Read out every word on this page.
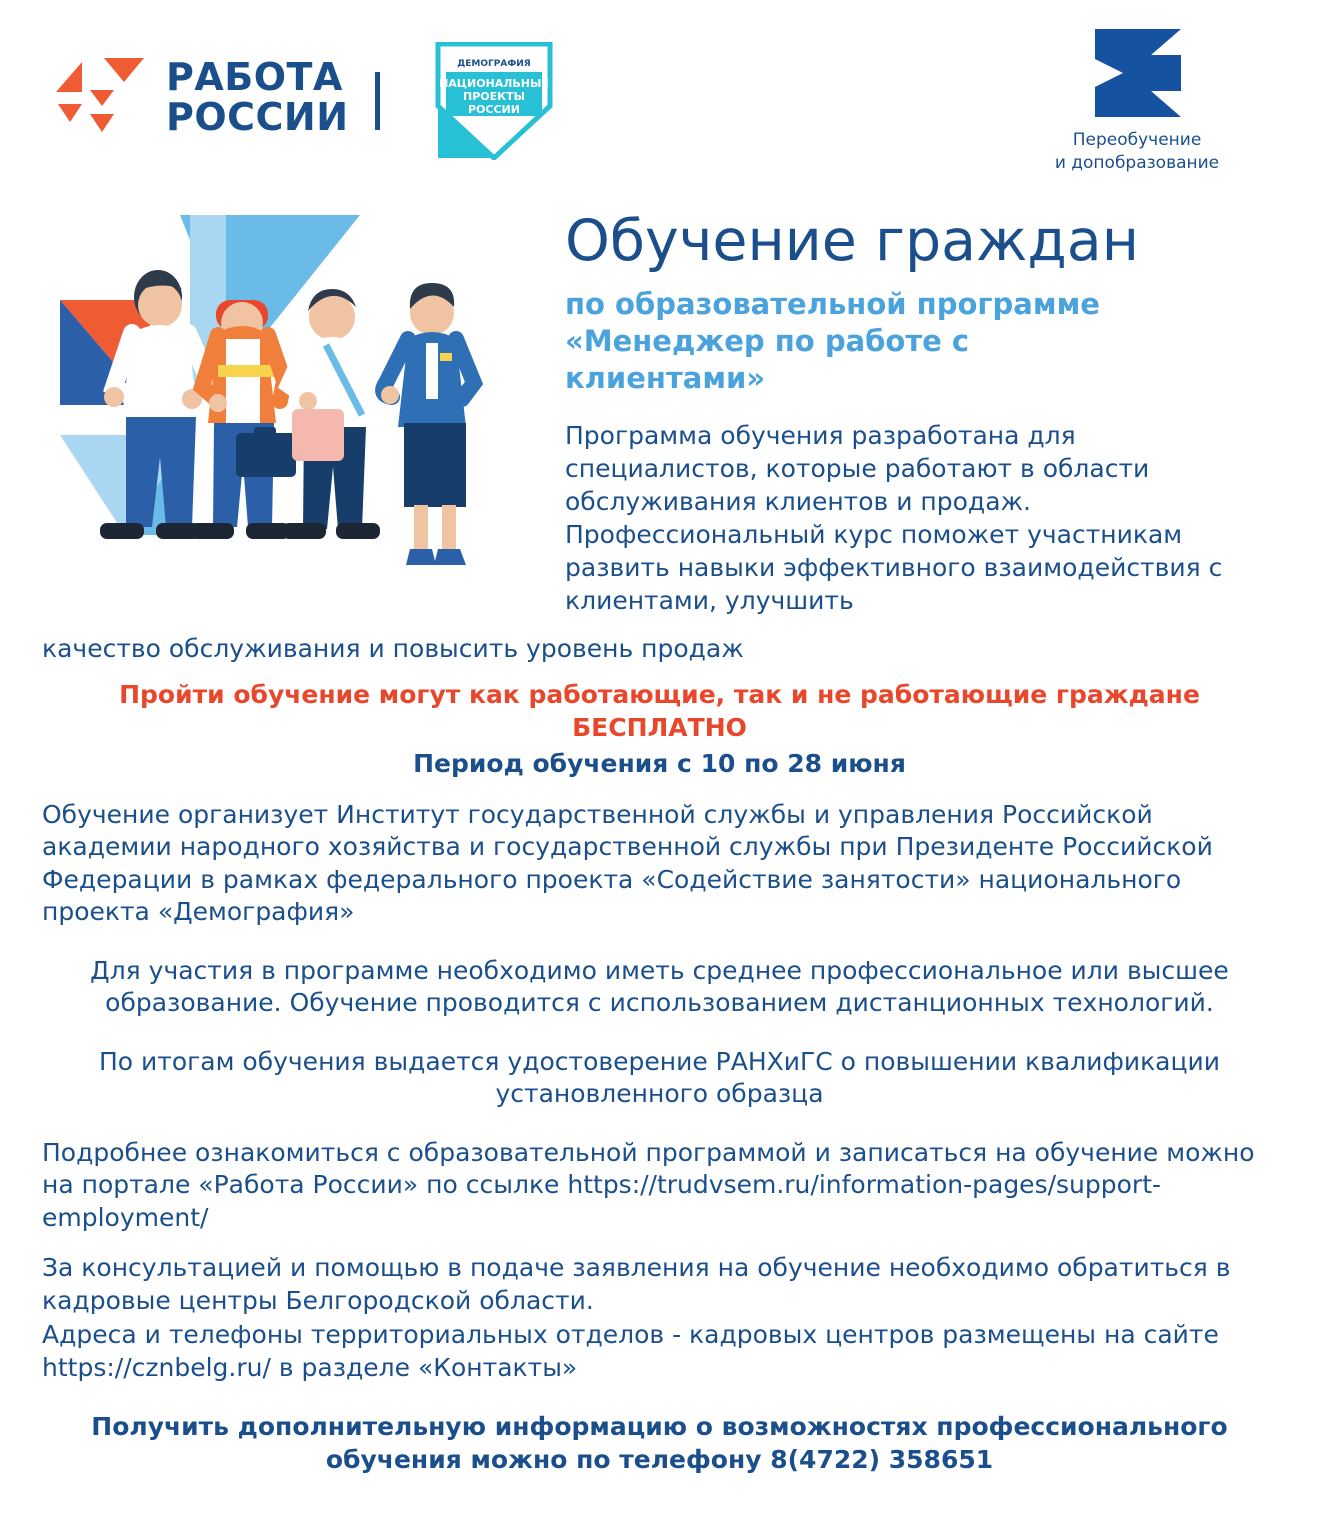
РАБОТА
РОССИИ
ДЕМОГРАФИЯ
НАЦИОНАЛЬНЫЕ
ПРОЕКТЫ
РОССИИ
Переобучение
и допобразование
Обучение граждан
по образовательной программе «Менеджер по работе с клиентами»
Программа обучения разработана для специалистов, которые работают в области обслуживания клиентов и продаж. Профессиональный курс поможет участникам развить навыки эффективного взаимодействия с клиентами, улучшить
качество обслуживания и повысить уровень продаж
Пройти обучение могут как работающие, так и не работающие граждане
БЕСПЛАТНО
Период обучения с 10 по 28 июня
Обучение организует Институт государственной службы и управления Российской академии народного хозяйства и государственной службы при Президенте Российской Федерации в рамках федерального проекта «Содействие занятости» национального проекта «Демография»
Для участия в программе необходимо иметь среднее профессиональное или высшее образование. Обучение проводится с использованием дистанционных технологий.
По итогам обучения выдается удостоверение РАНХиГС о повышении квалификации установленного образца
Подробнее ознакомиться с образовательной программой и записаться на обучение можно на портале «Работа России» по ссылке https://trudvsem.ru/information-pages/support-employment/
За консультацией и помощью в подаче заявления на обучение необходимо обратиться в кадровые центры Белгородской области.
Адреса и телефоны территориальных отделов - кадровых центров размещены на сайте https://cznbelg.ru/ в разделе «Контакты»
Получить дополнительную информацию о возможностях профессионального
обучения можно по телефону 8(4722) 358651
